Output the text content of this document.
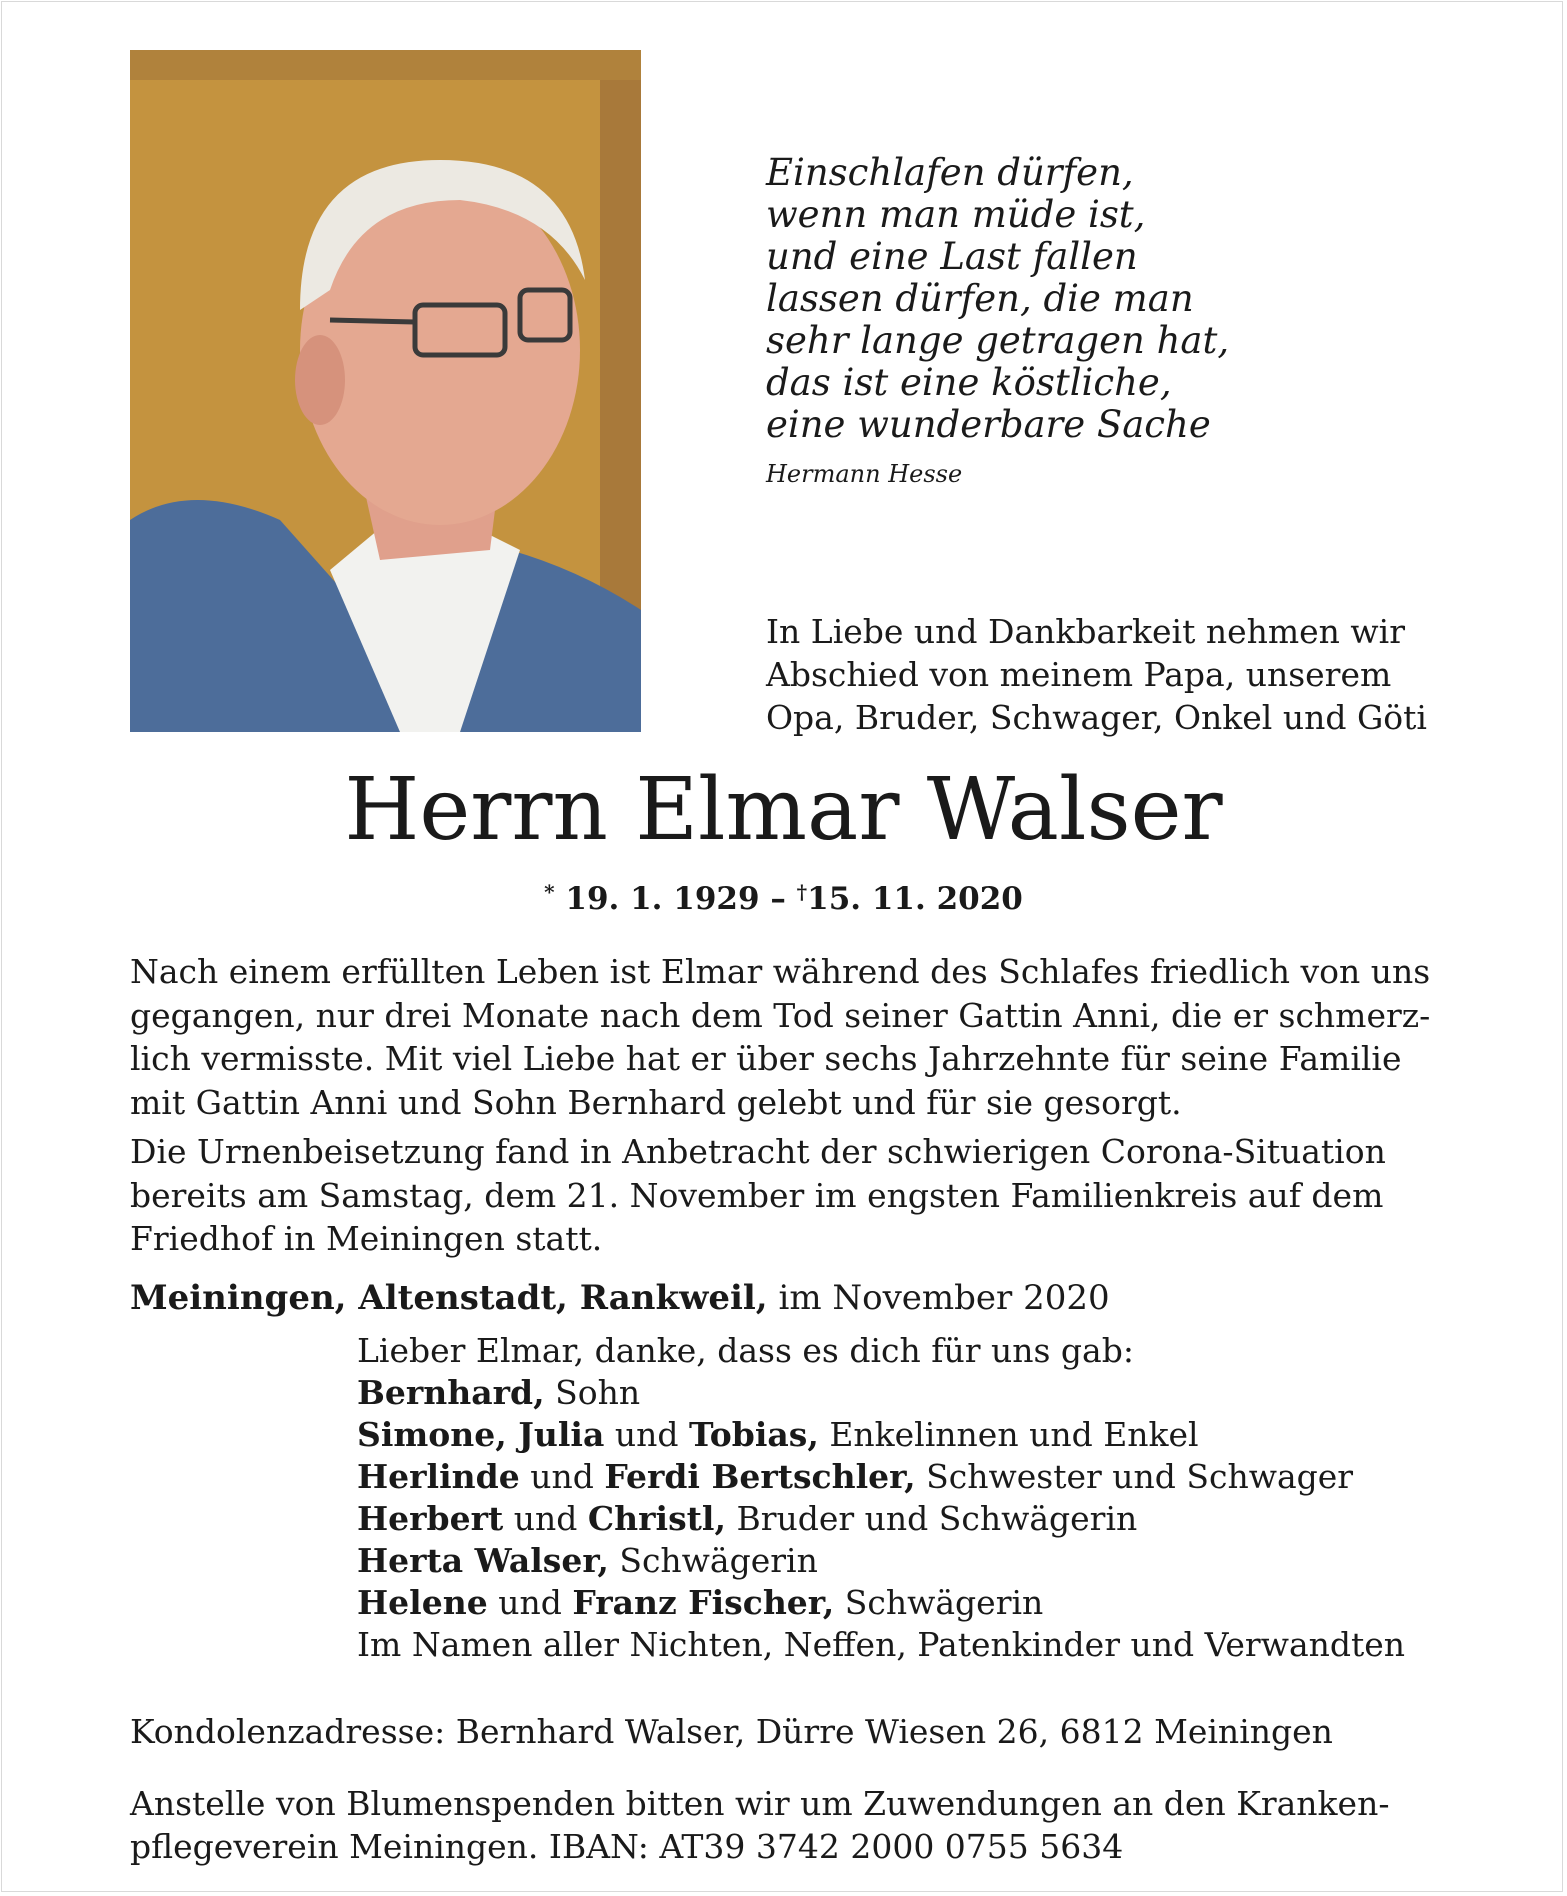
Einschlafen dürfen,
wenn man müde ist,
und eine Last fallen
lassen dürfen, die man
sehr lange getragen hat,
das ist eine köstliche,
eine wunderbare Sache
Hermann Hesse
In Liebe und Dankbarkeit nehmen wir
Abschied von meinem Papa, unserem
Opa, Bruder, Schwager, Onkel und Göti
Herrn Elmar Walser
* 19. 1. 1929 – †15. 11. 2020
Nach einem erfüllten Leben ist Elmar während des Schlafes friedlich von uns
gegangen, nur drei Monate nach dem Tod seiner Gattin Anni, die er schmerz-
lich vermisste. Mit viel Liebe hat er über sechs Jahrzehnte für seine Familie
mit Gattin Anni und Sohn Bernhard gelebt und für sie gesorgt.
Die Urnenbeisetzung fand in Anbetracht der schwierigen Corona-Situation
bereits am Samstag, dem 21. November im engsten Familienkreis auf dem
Friedhof in Meiningen statt.
Meiningen, Altenstadt, Rankweil, im November 2020
Lieber Elmar, danke, dass es dich für uns gab:
Bernhard, Sohn
Simone, Julia und Tobias, Enkelinnen und Enkel
Herlinde und Ferdi Bertschler, Schwester und Schwager
Herbert und Christl, Bruder und Schwägerin
Herta Walser, Schwägerin
Helene und Franz Fischer, Schwägerin
Im Namen aller Nichten, Neffen, Patenkinder und Verwandten
Kondolenzadresse: Bernhard Walser, Dürre Wiesen 26, 6812 Meiningen
Anstelle von Blumenspenden bitten wir um Zuwendungen an den Kranken-
pflegeverein Meiningen. IBAN: AT39 3742 2000 0755 5634
